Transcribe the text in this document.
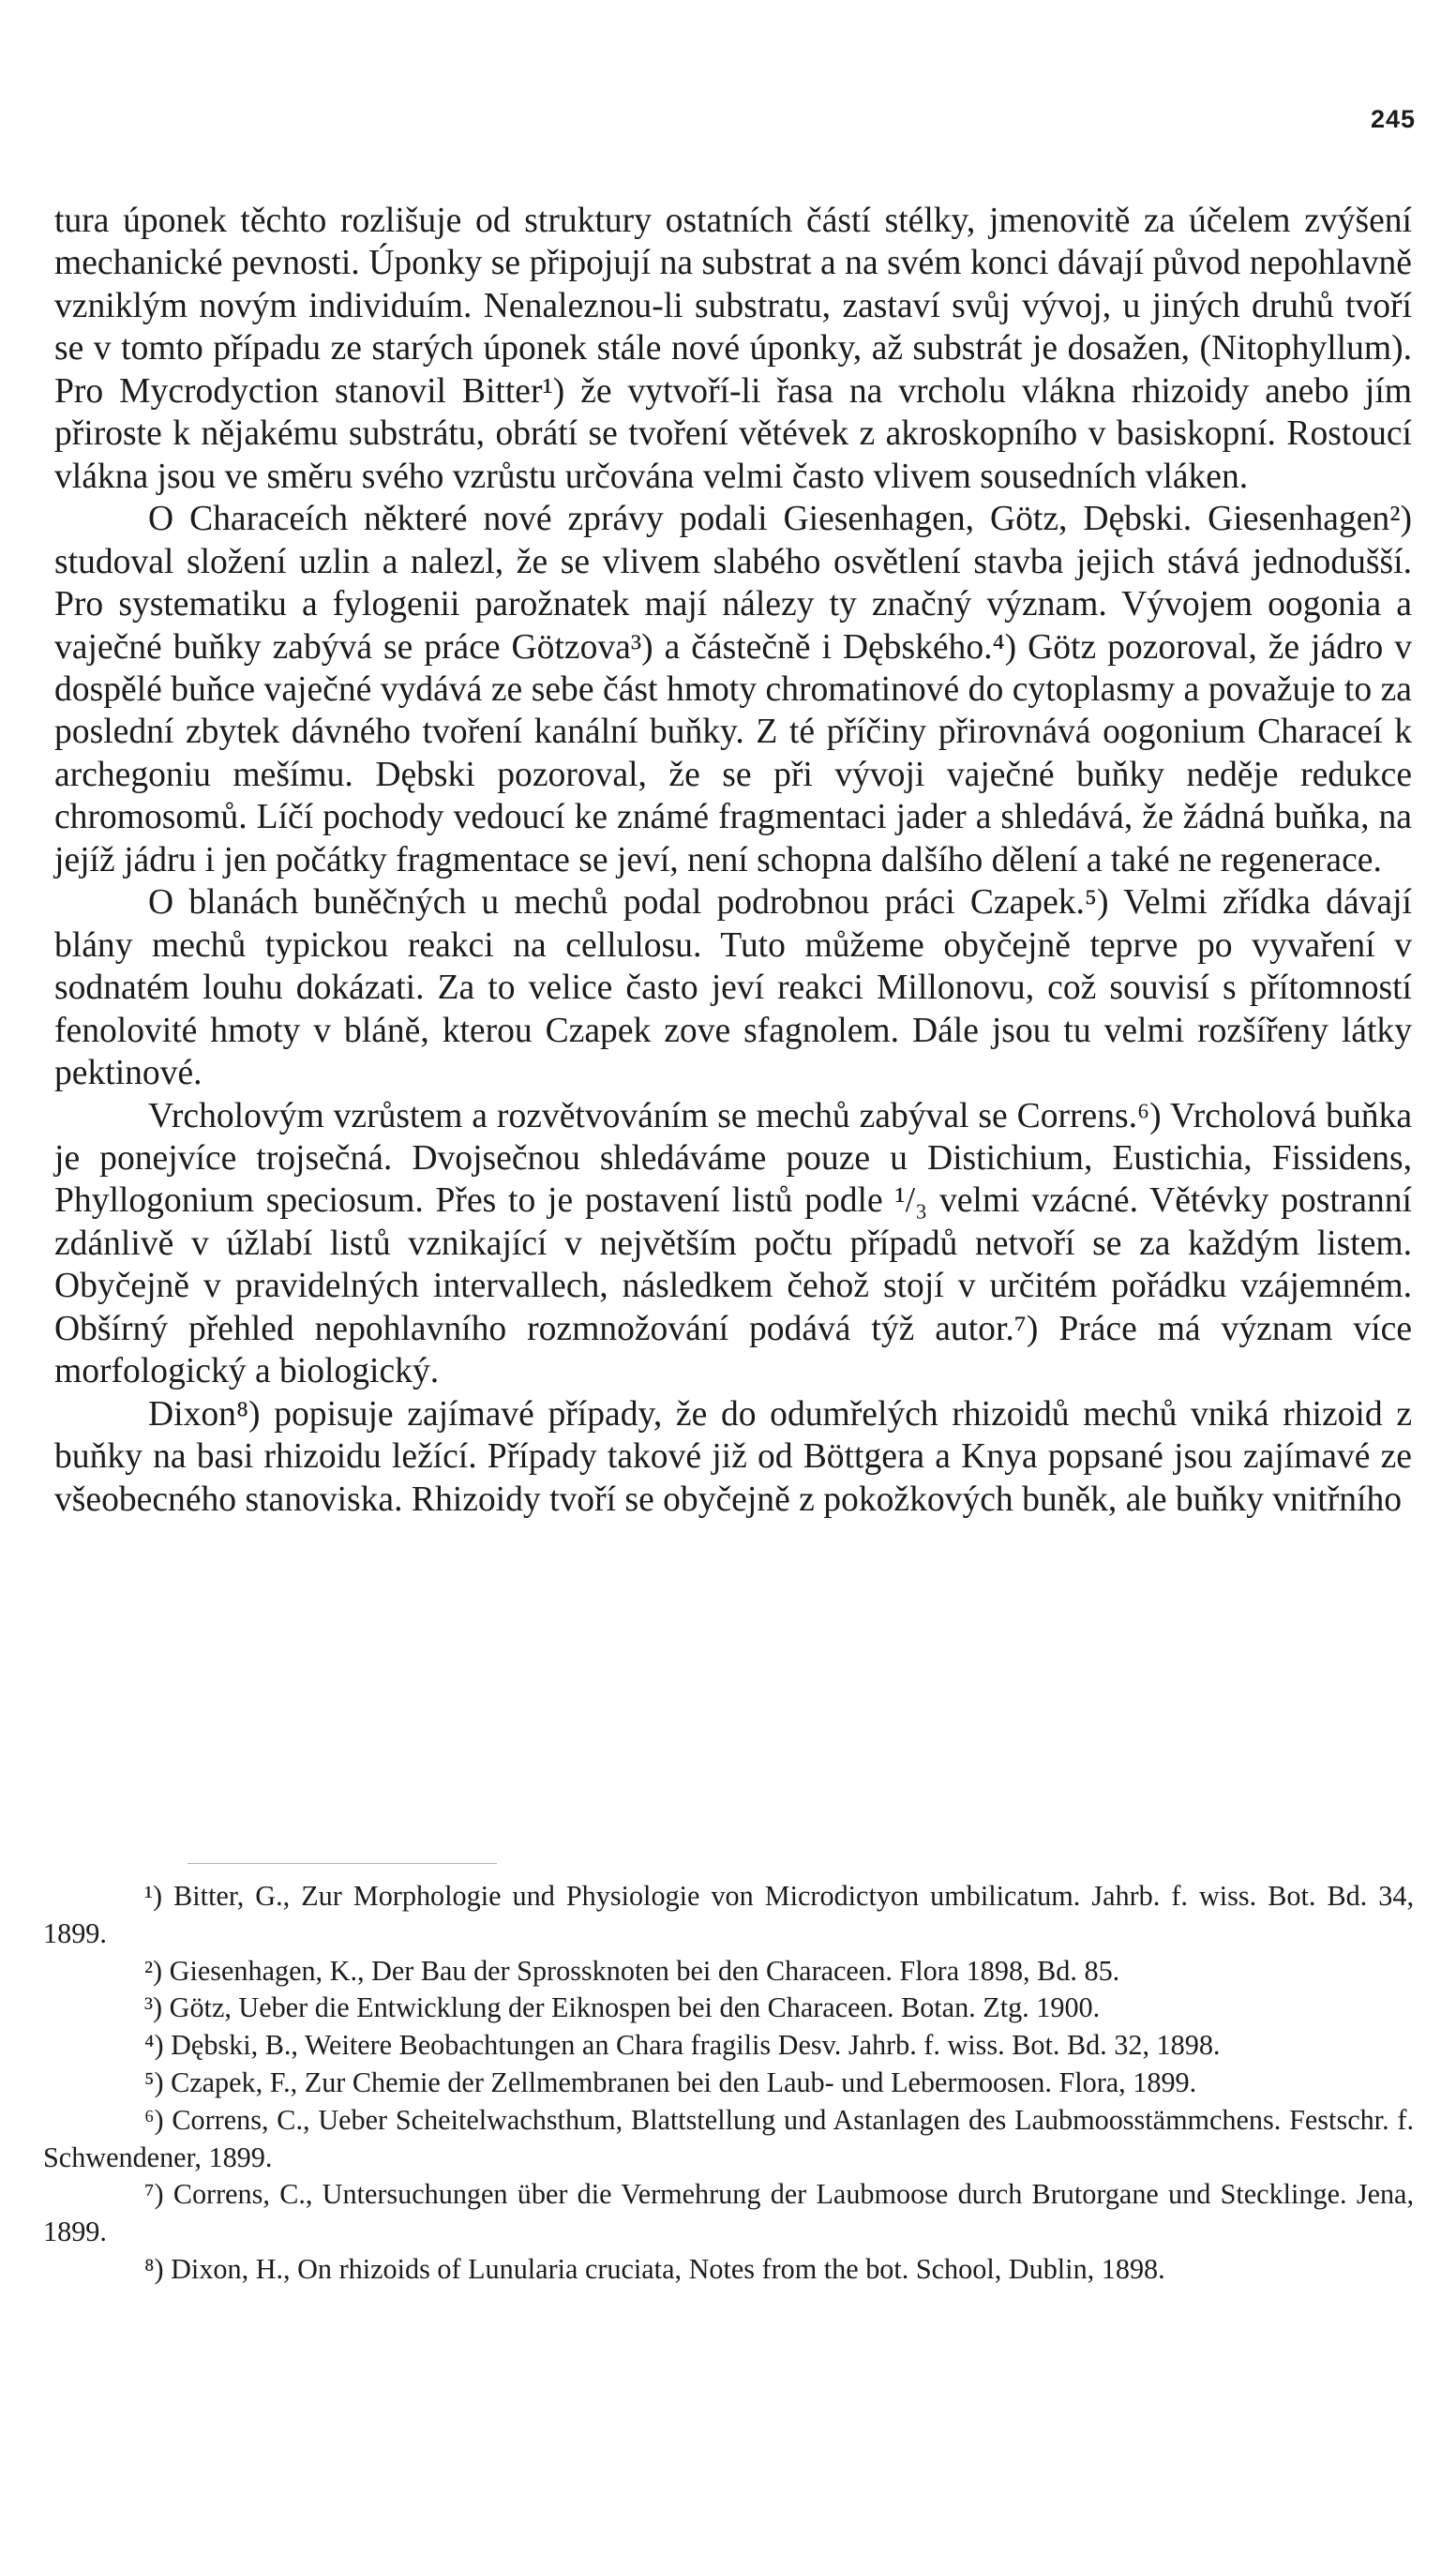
245

tura úponek těchto rozlišuje od struktury ostatních částí stélky, jmenovitě za účelem zvýšení mechanické pevnosti. Úponky se připojují na substrat a na svém konci dávají původ nepohlavně vzniklým novým individuím. Nenaleznou-li substratu, zastaví svůj vývoj, u jiných druhů tvoří se v tomto případu ze starých úponek stále nové úponky, až substrát je dosažen, (Nitophyllum). Pro Mycrodyction stanovil Bitter¹) že vytvoří-li řasa na vrcholu vlákna rhizoidy anebo jím přiroste k nějakému substrátu, obrátí se tvoření větévek z akroskopního v basiskopní. Rostoucí vlákna jsou ve směru svého vzrůstu určována velmi často vlivem sousedních vláken.

O Characeích některé nové zprávy podali Giesenhagen, Götz, Dębski. Giesenhagen²) studoval složení uzlin a nalezl, že se vlivem slabého osvětlení stavba jejich stává jednodušší. Pro systematiku a fylogenii parožnatek mají nálezy ty značný význam. Vývojem oogonia a vaječné buňky zabývá se práce Götzova³) a částečně i Dębského.⁴) Götz pozoroval, že jádro v dospělé buňce vaječné vydává ze sebe část hmoty chromatinové do cytoplasmy a považuje to za poslední zbytek dávného tvoření kanální buňky. Z té příčiny přirovnává oogonium Characeí k archegoniu mešímu. Dębski pozoroval, že se při vývoji vaječné buňky neděje redukce chromosomů. Líčí pochody vedoucí ke známé fragmentaci jader a shledává, že žádná buňka, na jejíž jádru i jen počátky fragmentace se jeví, není schopna dalšího dělení a také ne regenerace.

O blanách buněčných u mechů podal podrobnou práci Czapek.⁵) Velmi zřídka dávají blány mechů typickou reakci na cellulosu. Tuto můžeme obyčejně teprve po vyvaření v sodnatém louhu dokázati. Za to velice často jeví reakci Millonovu, což souvisí s přítomností fenolovité hmoty v bláně, kterou Czapek zove sfagnolem. Dále jsou tu velmi rozšířeny látky pektinové.

Vrcholovým vzrůstem a rozvětvováním se mechů zabýval se Correns.⁶) Vrcholová buňka je ponejvíce trojsečná. Dvojsečnou shledáváme pouze u Distichium, Eustichia, Fissidens, Phyllogonium speciosum. Přes to je postavení listů podle ¹/₃ velmi vzácné. Větévky postranní zdánlivě v úžlabí listů vznikající v největším počtu případů netvoří se za každým listem. Obyčejně v pravidelných intervallech, následkem čehož stojí v určitém pořádku vzájemném. Obšírný přehled nepohlavního rozmnožování podává týž autor.⁷) Práce má význam více morfologický a biologický.

Dixon⁸) popisuje zajímavé případy, že do odumřelých rhizoidů mechů vniká rhizoid z buňky na basi rhizoidu ležící. Případy takové již od Böttgera a Knya popsané jsou zajímavé ze všeobecného stanoviska. Rhizoidy tvoří se obyčejně z pokožkových buněk, ale buňky vnitřního

¹) Bitter, G., Zur Morphologie und Physiologie von Microdictyon umbilicatum. Jahrb. f. wiss. Bot. Bd. 34, 1899.

²) Giesenhagen, K., Der Bau der Sprossknoten bei den Characeen. Flora 1898, Bd. 85.

³) Götz, Ueber die Entwicklung der Eiknospen bei den Characeen. Botan. Ztg. 1900.

⁴) Dębski, B., Weitere Beobachtungen an Chara fragilis Desv. Jahrb. f. wiss. Bot. Bd. 32, 1898.

⁵) Czapek, F., Zur Chemie der Zellmembranen bei den Laub- und Lebermoosen. Flora, 1899.

⁶) Correns, C., Ueber Scheitelwachsthum, Blattstellung und Astanlagen des Laubmoosstämmchens. Festschr. f. Schwendener, 1899.

⁷) Correns, C., Untersuchungen über die Vermehrung der Laubmoose durch Brutorgane und Stecklinge. Jena, 1899.

⁸) Dixon, H., On rhizoids of Lunularia cruciata, Notes from the bot. School, Dublin, 1898.
